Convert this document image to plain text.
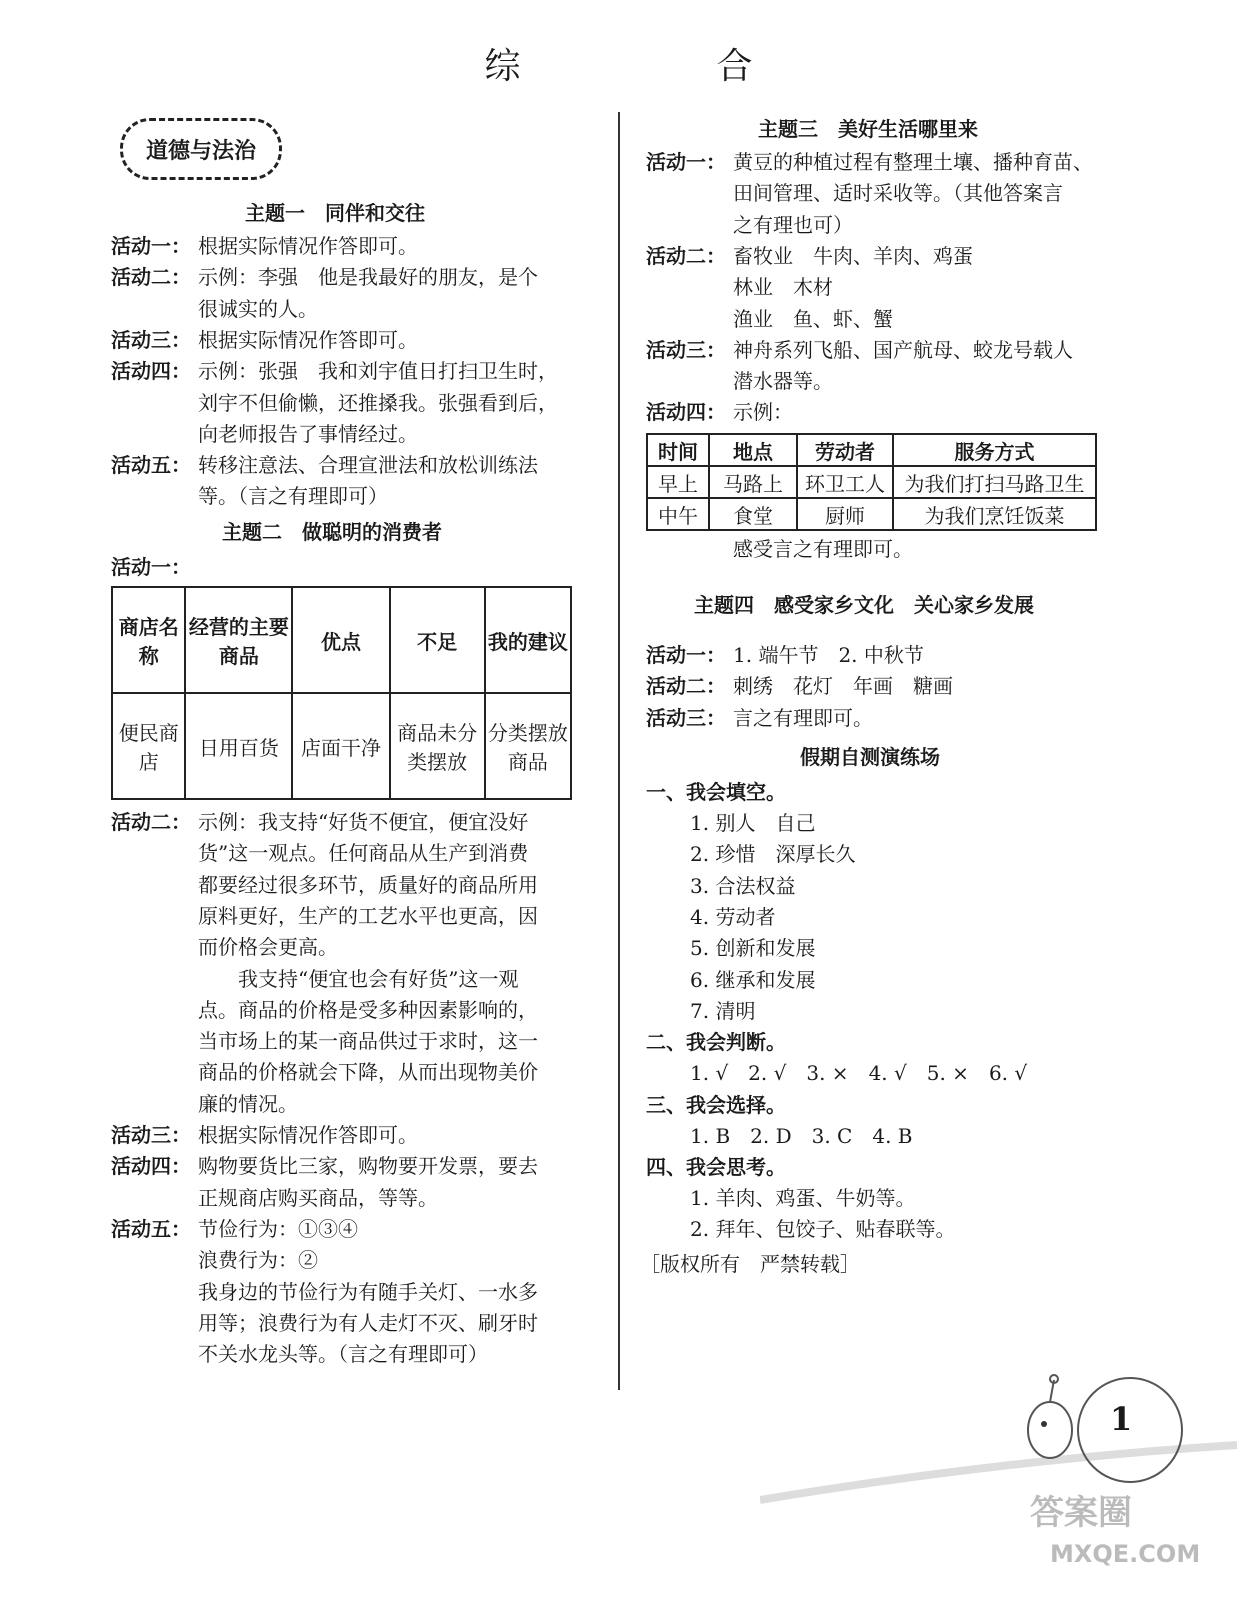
综　合
道德与法治
主题一　同伴和交往
活动一： 根据实际情况作答即可。
活动二： 示例：李强　他是我最好的朋友，是个
很诚实的人。
活动三： 根据实际情况作答即可。
活动四： 示例：张强　我和刘宇值日打扫卫生时，
刘宇不但偷懒，还推搡我。张强看到后，
向老师报告了事情经过。
活动五： 转移注意法、合理宣泄法和放松训练法
等。（言之有理即可）
主题二　做聪明的消费者
活动一：
活动二： 示例：我支持“好货不便宜，便宜没好
货”这一观点。任何商品从生产到消费
都要经过很多环节，质量好的商品所用
原料更好，生产的工艺水平也更高，因
而价格会更高。
　　我支持“便宜也会有好货”这一观
点。商品的价格是受多种因素影响的，
当市场上的某一商品供过于求时，这一
商品的价格就会下降，从而出现物美价
廉的情况。
活动三： 根据实际情况作答即可。
活动四： 购物要货比三家，购物要开发票，要去
正规商店购买商品，等等。
活动五： 节俭行为：①③④
浪费行为：②
我身边的节俭行为有随手关灯、一水多
用等；浪费行为有人走灯不灭、刷牙时
不关水龙头等。（言之有理即可）
主题三　美好生活哪里来
活动一： 黄豆的种植过程有整理土壤、播种育苗、
田间管理、适时采收等。（其他答案言
之有理也可）
活动二： 畜牧业　牛肉、羊肉、鸡蛋
林业　木材
渔业　鱼、虾、蟹
活动三： 神舟系列飞船、国产航母、蛟龙号载人
潜水器等。
活动四： 示例：
感受言之有理即可。
主题四　感受家乡文化　关心家乡发展
活动一： 1. 端午节　2. 中秋节
活动二： 刺绣　花灯　年画　糖画
活动三： 言之有理即可。
假期自测演练场
一、我会填空。
1. 别人　自己
2. 珍惜　深厚长久
3. 合法权益
4. 劳动者
5. 创新和发展
6. 继承和发展
7. 清明
二、我会判断。
1. √　2. √　3. ×　4. √　5. ×　6. √
三、我会选择。
1. B　2. D　3. C　4. B
四、我会思考。
1. 羊肉、鸡蛋、牛奶等。
2. 拜年、包饺子、贴春联等。
［版权所有　严禁转载］
商店名称	经营的主要商品	优点	不足	我的建议
便民商店	日用百货	店面干净	商品未分类摆放	分类摆放商品
时间	地点	劳动者	服务方式
早上	马路上	环卫工人	为我们打扫马路卫生
中午	食堂	厨师	为我们烹饪饭菜
1
答案圈
MXQE.COM
